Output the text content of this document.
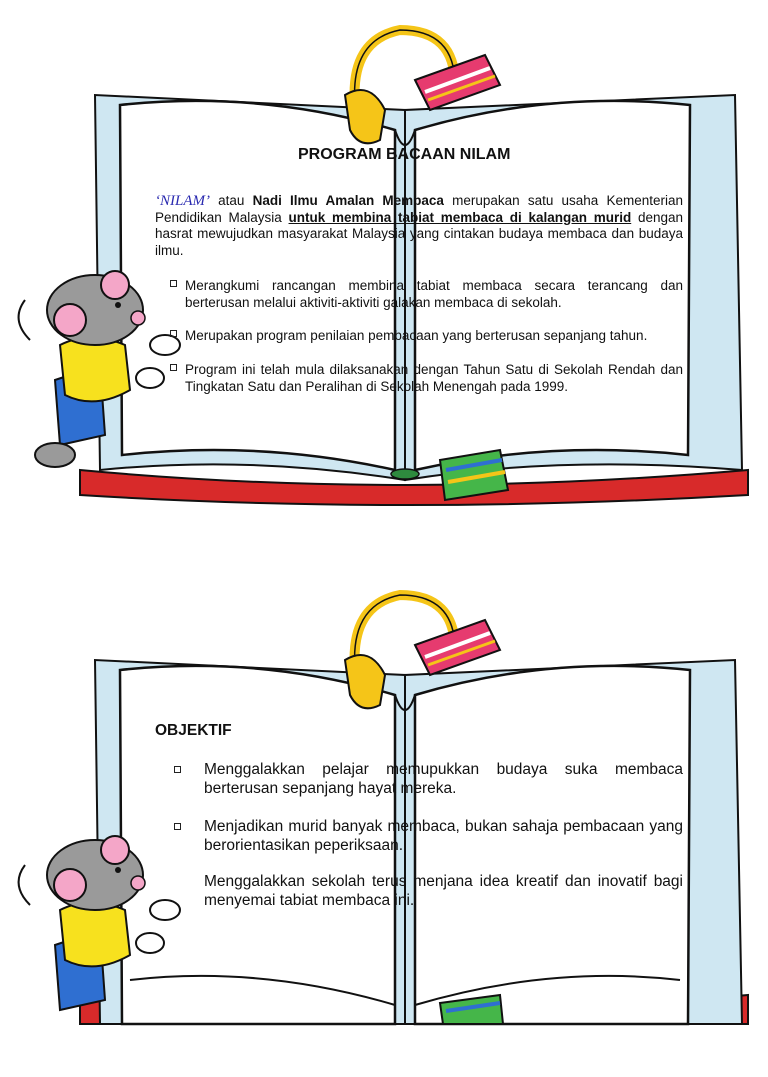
PROGRAM BACAAN NILAM
‘NILAM’ atau Nadi Ilmu Amalan Membaca merupakan satu usaha Kementerian Pendidikan Malaysia untuk membina tabiat membaca di kalangan murid dengan hasrat mewujudkan masyarakat Malaysia yang cintakan budaya membaca dan budaya ilmu.
Merangkumi rancangan membina tabiat membaca secara terancang dan berterusan melalui aktiviti-aktiviti galakan membaca di sekolah.
Merupakan program penilaian pembacaan yang berterusan sepanjang tahun.
Program ini telah mula dilaksanakan dengan Tahun Satu di Sekolah Rendah dan Tingkatan Satu dan Peralihan di Sekolah Menengah pada 1999.
OBJEKTIF
Menggalakkan pelajar memupukkan budaya suka membaca berterusan sepanjang hayat mereka.
Menjadikan murid banyak membaca, bukan sahaja pembacaan yang berorientasikan peperiksaan.
Menggalakkan sekolah terus menjana idea kreatif dan inovatif bagi menyemai tabiat membaca ini.
